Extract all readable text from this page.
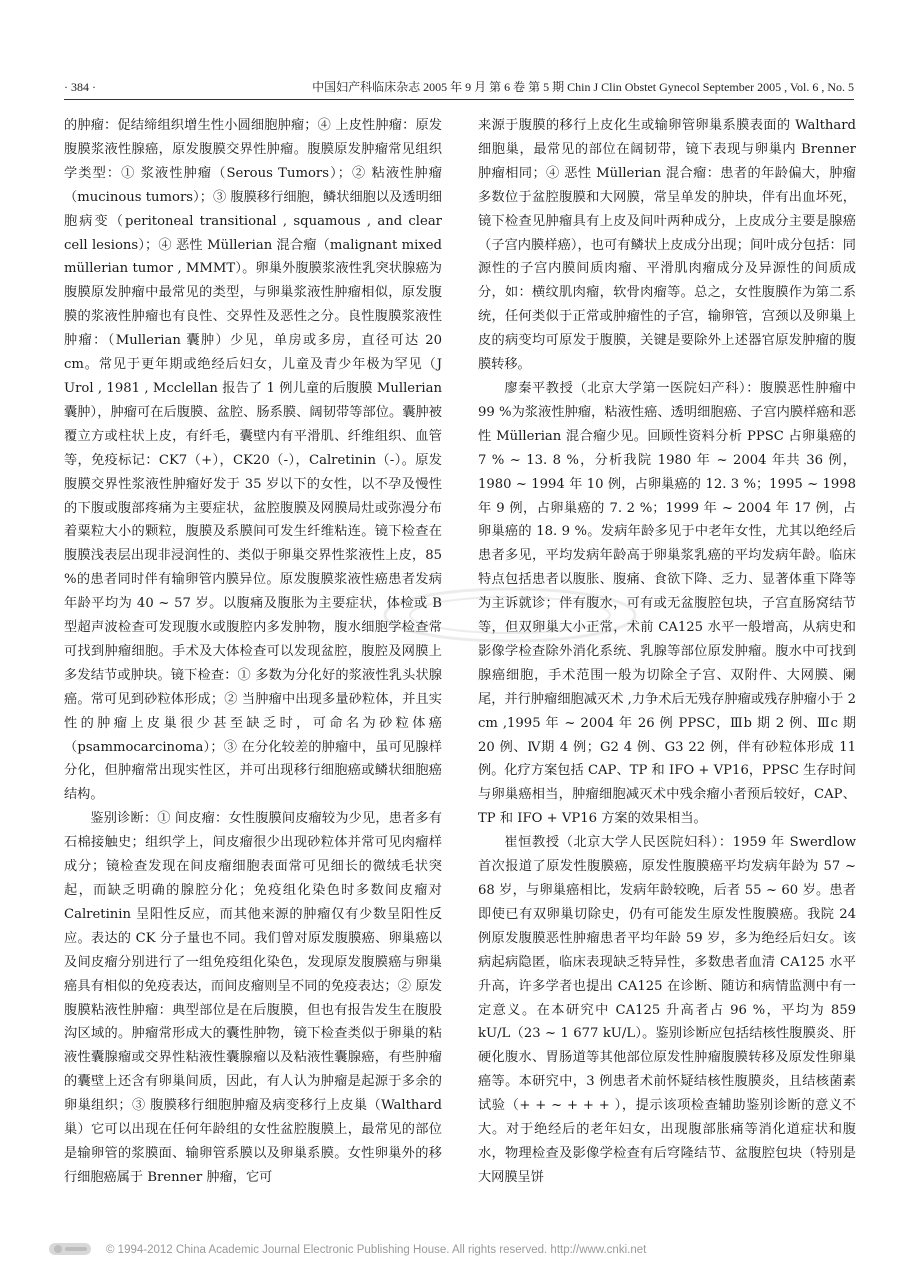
· 384 ·	中国妇产科临床杂志 2005 年 9 月 第 6 卷 第 5 期 Chin J Clin Obstet Gynecol September 2005 , Vol. 6 , No. 5

的肿瘤：促结缔组织增生性小圆细胞肿瘤；④ 上皮性肿瘤：原发腹膜浆液性腺癌，原发腹膜交界性肿瘤。腹膜原发肿瘤常见组织学类型：① 浆液性肿瘤（Serous Tumors）；② 粘液性肿瘤（mucinous tumors）；③ 腹膜移行细胞，鳞状细胞以及透明细胞病变（peritoneal transitional , squamous , and clear cell lesions）；④ 恶性 Müllerian 混合瘤（malignant mixed müllerian tumor , MMMT）。卵巢外腹膜浆液性乳突状腺癌为腹膜原发肿瘤中最常见的类型，与卵巢浆液性肿瘤相似，原发腹膜的浆液性肿瘤也有良性、交界性及恶性之分。良性腹膜浆液性肿瘤：（Mullerian 囊肿）少见，单房或多房，直径可达 20 cm。常见于更年期或绝经后妇女，儿童及青少年极为罕见（J Urol , 1981 , Mcclellan 报告了 1 例儿童的后腹膜 Mullerian 囊肿），肿瘤可在后腹膜、盆腔、肠系膜、阔韧带等部位。囊肿被覆立方或柱状上皮，有纤毛，囊壁内有平滑肌、纤维组织、血管等，免疫标记：CK7（+），CK20（-），Calretinin（-）。原发腹膜交界性浆液性肿瘤好发于 35 岁以下的女性，以不孕及慢性的下腹或腹部疼痛为主要症状，盆腔腹膜及网膜局灶或弥漫分布着粟粒大小的颗粒，腹膜及系膜间可发生纤维粘连。镜下检查在腹膜浅表层出现非浸润性的、类似于卵巢交界性浆液性上皮，85 %的患者同时伴有输卵管内膜异位。原发腹膜浆液性癌患者发病年龄平均为 40 ~ 57 岁。以腹痛及腹胀为主要症状，体检或 B 型超声波检查可发现腹水或腹腔内多发肿物，腹水细胞学检查常可找到肿瘤细胞。手术及大体检查可以发现盆腔，腹腔及网膜上多发结节或肿块。镜下检查：① 多数为分化好的浆液性乳头状腺癌。常可见到砂粒体形成；② 当肿瘤中出现多量砂粒体，并且实性的肿瘤上皮巢很少甚至缺乏时，可命名为砂粒体癌（psammocarcinoma）；③ 在分化较差的肿瘤中，虽可见腺样分化，但肿瘤常出现实性区，并可出现移行细胞癌或鳞状细胞癌结构。

鉴别诊断：① 间皮瘤：女性腹膜间皮瘤较为少见，患者多有石棉接触史；组织学上，间皮瘤很少出现砂粒体并常可见肉瘤样成分；镜检查发现在间皮瘤细胞表面常可见细长的微绒毛状突起，而缺乏明确的腺腔分化；免疫组化染色时多数间皮瘤对 Calretinin 呈阳性反应，而其他来源的肿瘤仅有少数呈阳性反应。表达的 CK 分子量也不同。我们曾对原发腹膜癌、卵巢癌以及间皮瘤分别进行了一组免疫组化染色，发现原发腹膜癌与卵巢癌具有相似的免疫表达，而间皮瘤则呈不同的免疫表达；② 原发腹膜粘液性肿瘤：典型部位是在后腹膜，但也有报告发生在腹股沟区域的。肿瘤常形成大的囊性肿物，镜下检查类似于卵巢的粘液性囊腺瘤或交界性粘液性囊腺瘤以及粘液性囊腺癌，有些肿瘤的囊壁上还含有卵巢间质，因此，有人认为肿瘤是起源于多余的卵巢组织；③ 腹膜移行细胞肿瘤及病变移行上皮巢（Walthard 巢）它可以出现在任何年龄组的女性盆腔腹膜上，最常见的部位是输卵管的浆膜面、输卵管系膜以及卵巢系膜。女性卵巢外的移行细胞癌属于 Brenner 肿瘤，它可

来源于腹膜的移行上皮化生或输卵管卵巢系膜表面的 Walthard 细胞巢，最常见的部位在阔韧带，镜下表现与卵巢内 Brenner 肿瘤相同；④ 恶性 Müllerian 混合瘤：患者的年龄偏大，肿瘤多数位于盆腔腹膜和大网膜，常呈单发的肿块，伴有出血坏死，镜下检查见肿瘤具有上皮及间叶两种成分，上皮成分主要是腺癌（子宫内膜样癌），也可有鳞状上皮成分出现；间叶成分包括：同源性的子宫内膜间质肉瘤、平滑肌肉瘤成分及异源性的间质成分，如：横纹肌肉瘤，软骨肉瘤等。总之，女性腹膜作为第二系统，任何类似于正常或肿瘤性的子宫，输卵管，宫颈以及卵巢上皮的病变均可原发于腹膜，关键是要除外上述器官原发肿瘤的腹膜转移。

廖秦平教授（北京大学第一医院妇产科）：腹膜恶性肿瘤中 99 %为浆液性肿瘤，粘液性癌、透明细胞癌、子宫内膜样癌和恶性 Müllerian 混合瘤少见。回顾性资料分析 PPSC 占卵巢癌的 7 % ~ 13. 8 %，分析我院 1980 年 ~ 2004 年共 36 例，1980 ~ 1994 年 10 例，占卵巢癌的 12. 3 %；1995 ~ 1998 年 9 例，占卵巢癌的 7. 2 %；1999 年 ~ 2004 年 17 例，占卵巢癌的 18. 9 %。发病年龄多见于中老年女性，尤其以绝经后患者多见，平均发病年龄高于卵巢浆乳癌的平均发病年龄。临床特点包括患者以腹胀、腹痛、食欲下降、乏力、显著体重下降等为主诉就诊；伴有腹水，可有或无盆腹腔包块，子宫直肠窝结节等，但双卵巢大小正常，术前 CA125 水平一般增高，从病史和影像学检查除外消化系统、乳腺等部位原发肿瘤。腹水中可找到腺癌细胞，手术范围一般为切除全子宫、双附件、大网膜、阑尾，并行肿瘤细胞减灭术 ,力争术后无残存肿瘤或残存肿瘤小于 2 cm ,1995 年 ~ 2004 年 26 例 PPSC，Ⅲb 期 2 例、Ⅲc 期 20 例、Ⅳ期 4 例；G2 4 例、G3 22 例，伴有砂粒体形成 11 例。化疗方案包括 CAP、TP 和 IFO + VP16，PPSC 生存时间与卵巢癌相当，肿瘤细胞减灭术中残余瘤小者预后较好，CAP、TP 和 IFO + VP16 方案的效果相当。

崔恒教授（北京大学人民医院妇科）：1959 年 Swerdlow 首次报道了原发性腹膜癌，原发性腹膜癌平均发病年龄为 57 ~ 68 岁，与卵巢癌相比，发病年龄较晚，后者 55 ~ 60 岁。患者即使已有双卵巢切除史，仍有可能发生原发性腹膜癌。我院 24 例原发腹膜恶性肿瘤患者平均年龄 59 岁，多为绝经后妇女。该病起病隐匿，临床表现缺乏特异性，多数患者血清 CA125 水平升高，许多学者也提出 CA125 在诊断、随访和病情监测中有一定意义。在本研究中 CA125 升高者占 96 %，平均为 859 kU/L（23 ~ 1 677 kU/L）。鉴别诊断应包括结核性腹膜炎、肝硬化腹水、胃肠道等其他部位原发性肿瘤腹膜转移及原发性卵巢癌等。本研究中，3 例患者术前怀疑结核性腹膜炎，且结核菌素试验（+ + ~ + + + ），提示该项检查辅助鉴别诊断的意义不大。对于绝经后的老年妇女，出现腹部胀痛等消化道症状和腹水，物理检查及影像学检查有后穹隆结节、盆腹腔包块（特别是大网膜呈饼

© 1994-2012 China Academic Journal Electronic Publishing House. All rights reserved. http://www.cnki.net
